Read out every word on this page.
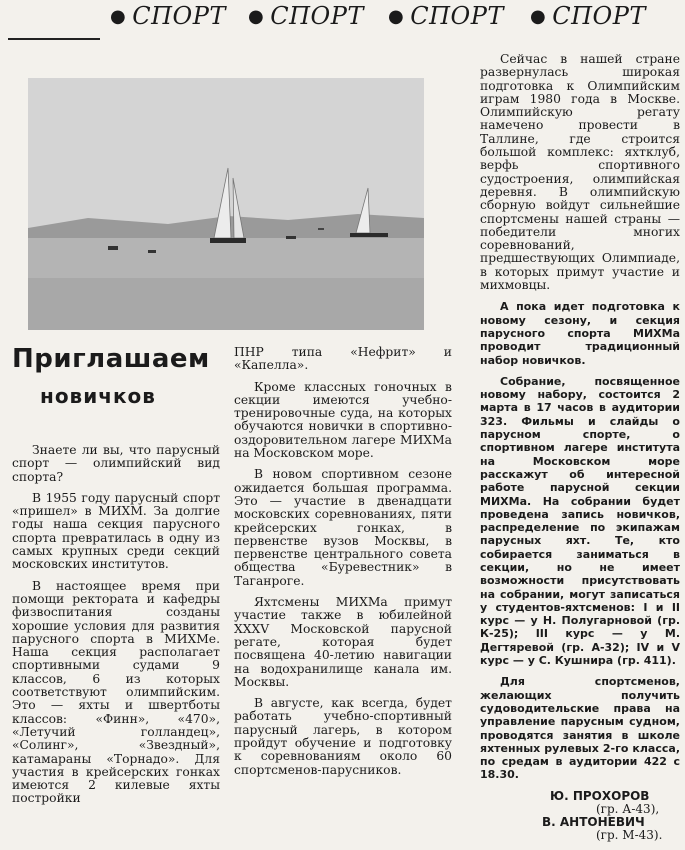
● СПОРТ ● СПОРТ ● СПОРТ ● СПОРТ
Приглашаем
новичков

Знаете ли вы, что парусный спорт — олимпийский вид спорта?

В 1955 году парусный спорт «пришел» в МИХМ. За долгие годы наша секция парусного спорта превратилась в одну из самых крупных среди секций московских институтов.

В настоящее время при помощи ректората и кафедры физвоспитания созданы хорошие условия для развития парусного спорта в МИХМе. Наша секция располагает спортивными судами 9 классов, 6 из которых соответствуют олимпийским. Это — яхты и швертботы классов: «Финн», «470», «Летучий голландец», «Солинг», «Звездный», катамараны «Торнадо». Для участия в крейсерских гонках имеются 2 килевые яхты постройки

ПНР типа «Нефрит» и «Капелла».

Кроме классных гоночных в секции имеются учебно-тренировочные суда, на которых обучаются новички в спортивно-оздоровительном лагере МИХМа на Московском море.

В новом спортивном сезоне ожидается большая программа. Это — участие в двенадцати московских соревнованиях, пяти крейсерских гонках, в первенстве вузов Москвы, в первенстве центрального совета общества «Буревестник» в Таганроге.

Яхтсмены МИХМа примут участие также в юбилейной XXXV Московской парусной регате, которая будет посвящена 40-летию навигации на водохранилище канала им. Москвы.

В августе, как всегда, будет работать учебно-спортивный парусный лагерь, в котором пройдут обучение и подготовку к соревнованиям около 60 спортсменов-парусников.

Сейчас в нашей стране развернулась широкая подготовка к Олимпийским играм 1980 года в Москве. Олимпийскую регату намечено провести в Таллине, где строится большой комплекс: яхтклуб, верфь спортивного судостроения, олимпийская деревня. В олимпийскую сборную войдут сильнейшие спортсмены нашей страны — победители многих соревнований, предшествующих Олимпиаде, в которых примут участие и михмовцы.

А пока идет подготовка к новому сезону, и секция парусного спорта МИХМа проводит традиционный набор новичков.

Собрание, посвященное новому набору, состоится 2 марта в 17 часов в аудитории 323. Фильмы и слайды о парусном спорте, о спортивном лагере института на Московском море расскажут об интересной работе парусной секции МИХМа. На собрании будет проведена запись новичков, распределение по экипажам парусных яхт. Те, кто собирается заниматься в секции, но не имеет возможности присутствовать на собрании, могут записаться у студентов-яхтсменов: I и II курс — у Н. Полугарновой (гр. К-25); III курс — у М. Дегтяревой (гр. А-32); IV и V курс — у С. Кушнира (гр. 411).

Для спортсменов, желающих получить судоводительские права на управление парусным судном, проводятся занятия в школе яхтенных рулевых 2-го класса, по средам в аудитории 422 с 18.30.

Ю. ПРОХОРОВ
(гр. А-43),
В. АНТОНЕВИЧ
(гр. М-43).
